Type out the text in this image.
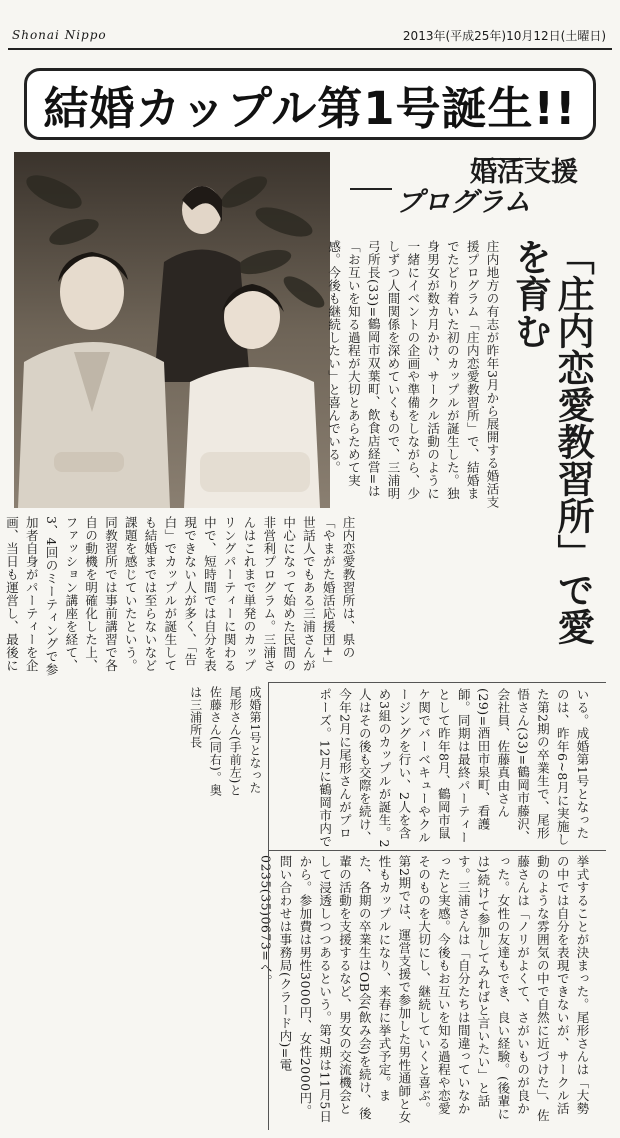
Shonai Nippo	2013年(平成25年)10月12日(土曜日)
結婚カップル第1号誕生!!
婚活支援
プログラム
「庄内恋愛教習所」で愛を育む
庄内地方の有志が昨年3月から展開する婚活支援プログラム「庄内恋愛教習所」で、結婚までたどり着いた初のカップルが誕生した。独身男女が数カ月かけ、サークル活動のように一緒にイベントの企画や準備をしながら、少しずつ人間関係を深めていくもので、三浦明弓所長(33)=鶴岡市双葉町、飲食店経営=は「お互いを知る過程が大切とあらためて実感。今後も継続したい」と喜んでいる。
庄内恋愛教習所は、県の「やまがた婚活応援団+」世話人でもある三浦さんが中心になって始めた民間の非営利プログラム。三浦さんはこれまで単発のカップリングパーティーに関わる中で、短時間では自分を表現できない人が多く、「告白」でカップルが誕生しても結婚までは至らないなど課題を感じていたという。 同教習所では事前講習で各自の動機を明確化した上、ファッション講座を経て、3、4回のミーティングで参加者自身がパーティーを企画、当日も運営し、最後に
いる。成婚第1号となったのは、昨年6~8月に実施した第2期の卒業生で、尾形悟さん(33)=鶴岡市藤沢、会社員、佐藤真由さん(29)=酒田市泉町、看護師。同期は最終パーティーとして昨年8月、鶴岡市鼠ケ関でバーベキューやクルージングを行い、2人を含め3組のカップルが誕生。2人はその後も交際を続け、今年2月に尾形さんがプロポーズ。12月に鶴岡市内で
挙式することが決まった。尾形さんは「大勢の中では自分を表現できないが、サークル活動のような雰囲気の中で自然に近づけた」、佐藤さんは「ノリがよくて、さがいものが良かった。女性の友達もでき、良い経験。(後輩には)続けて参加してみればと言いたい」と話す。三浦さんは「自分たちは間違っていなかったと実感。今後もお互いを知る過程や恋愛そのものを大切にし、継続していくと喜ぶ。第2期では、運営支援で参加した男性通師と女性もカップルになり、来春に挙式予定。また、各期の卒業生はOB会(飲み会)を続け、後輩の活動を支援するなど、男女の交流機会として浸透しつつあるという。第7期は11月5日から。参加費は男性3000円、女性2000円。問い合わせは事務局(クラード内)=電0235(35)0673=へ。
成婚第1号となった尾形さん(手前左)と佐藤さん(同右)。奥は三浦所長
